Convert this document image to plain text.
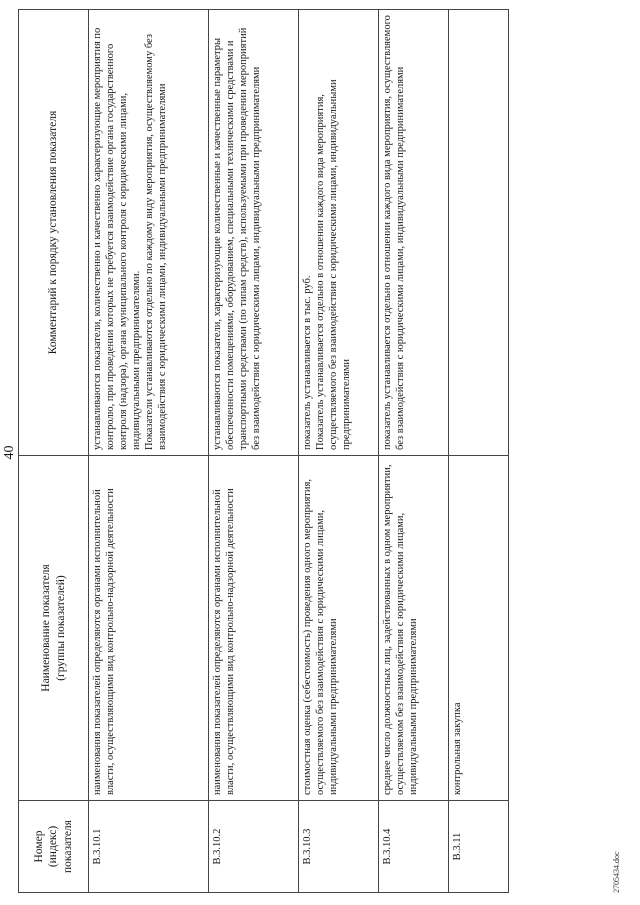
40
Номер (индекс) показателя	Наименование показателя (группы показателей)	Комментарий к порядку установления показателя
В.3.10.1	наименования показателей определяются органами исполнительной власти, осуществляющими вид контрольно-надзорной деятельности	устанавливаются показатели, количественно и качественно характеризующие мероприятия по контролю, при проведении которых не требуется взаимодействие органа государственного контроля (надзора), органа муниципального контроля с юридическими лицами, индивидуальными предпринимателями. Показатели устанавливаются отдельно по каждому виду мероприятия, осуществляемому без взаимодействия с юридическими лицами, индивидуальными предпринимателями

В.3.10.2	наименования показателей определяются органами исполнительной власти, осуществляющими вид контрольно-надзорной деятельности	устанавливаются показатели, характеризующие количественные и качественные параметры обеспеченности помещениями, оборудованием, специальными техническими средствами и транспортными средствами (по типам средств), используемыми при проведении мероприятий без взаимодействия с юридическими лицами, индивидуальными предпринимателями

В.3.10.3	стоимостная оценка (себестоимость) проведения одного мероприятия, осуществляемого без взаимодействия с юридическими лицами, индивидуальными предпринимателями	показатель устанавливается в тыс. руб. Показатель устанавливается отдельно в отношении каждого вида мероприятия, осуществляемого без взаимодействия с юридическими лицами, индивидуальными предпринимателями

В.3.10.4	среднее число должностных лиц, задействованных в одном мероприятии, осуществляемом без взаимодействия с юридическими лицами, индивидуальными предпринимателями	показатель устанавливается отдельно в отношении каждого вида мероприятия, осуществляемого без взаимодействия с юридическими лицами, индивидуальными предпринимателями

В.3.11	контрольная закупка	
2705434.doc
